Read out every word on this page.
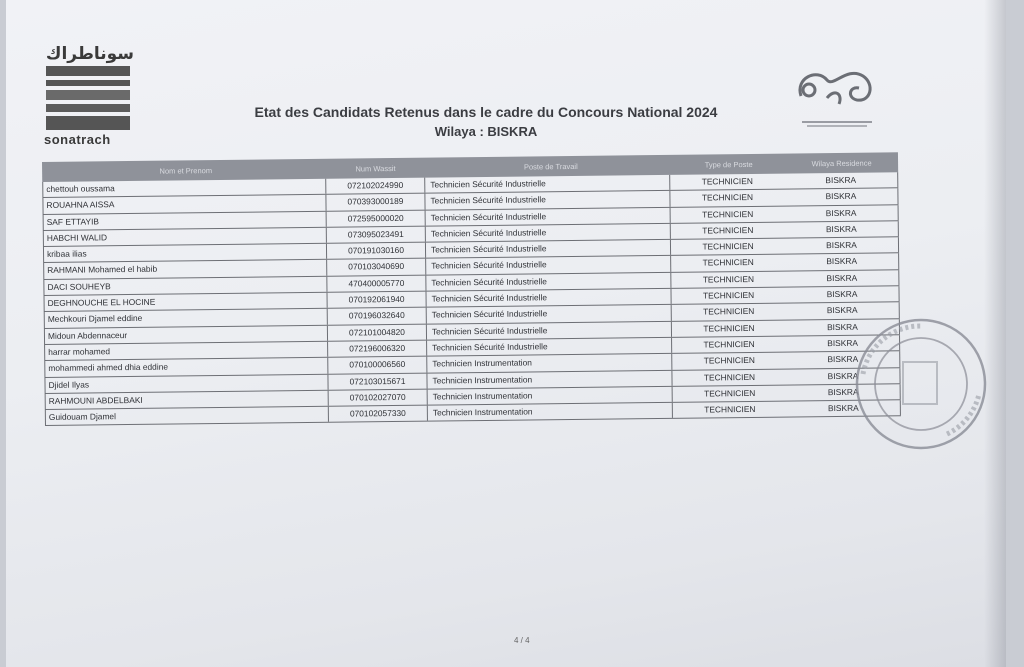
سوناطراك
sonatrach
Etat des Candidats Retenus dans le cadre du Concours National 2024
Wilaya : BISKRA
Nom et Prenom	Num Wassit	Poste de Travail	Type de Poste	Wilaya Residence
chettouh oussama	072102024990	Technicien Sécurité Industrielle	TECHNICIEN	BISKRA
ROUAHNA AISSA	070393000189	Technicien Sécurité Industrielle	TECHNICIEN	BISKRA
SAF ETTAYIB	072595000020	Technicien Sécurité Industrielle	TECHNICIEN	BISKRA
HABCHI WALID	073095023491	Technicien Sécurité Industrielle	TECHNICIEN	BISKRA
kribaa ilias	070191030160	Technicien Sécurité Industrielle	TECHNICIEN	BISKRA
RAHMANI Mohamed el habib	070103040690	Technicien Sécurité Industrielle	TECHNICIEN	BISKRA
DACI SOUHEYB	470400005770	Technicien Sécurité Industrielle	TECHNICIEN	BISKRA
DEGHNOUCHE EL HOCINE	070192061940	Technicien Sécurité Industrielle	TECHNICIEN	BISKRA
Mechkouri Djamel eddine	070196032640	Technicien Sécurité Industrielle	TECHNICIEN	BISKRA
Midoun Abdennaceur	072101004820	Technicien Sécurité Industrielle	TECHNICIEN	BISKRA
harrar mohamed	072196006320	Technicien Sécurité Industrielle	TECHNICIEN	BISKRA
mohammedi ahmed dhia eddine	070100006560	Technicien Instrumentation	TECHNICIEN	BISKRA
Djidel Ilyas	072103015671	Technicien Instrumentation	TECHNICIEN	BISKRA
RAHMOUNI ABDELBAKI	070102027070	Technicien Instrumentation	TECHNICIEN	BISKRA
Guidouam Djamel	070102057330	Technicien Instrumentation	TECHNICIEN	BISKRA
4 / 4
